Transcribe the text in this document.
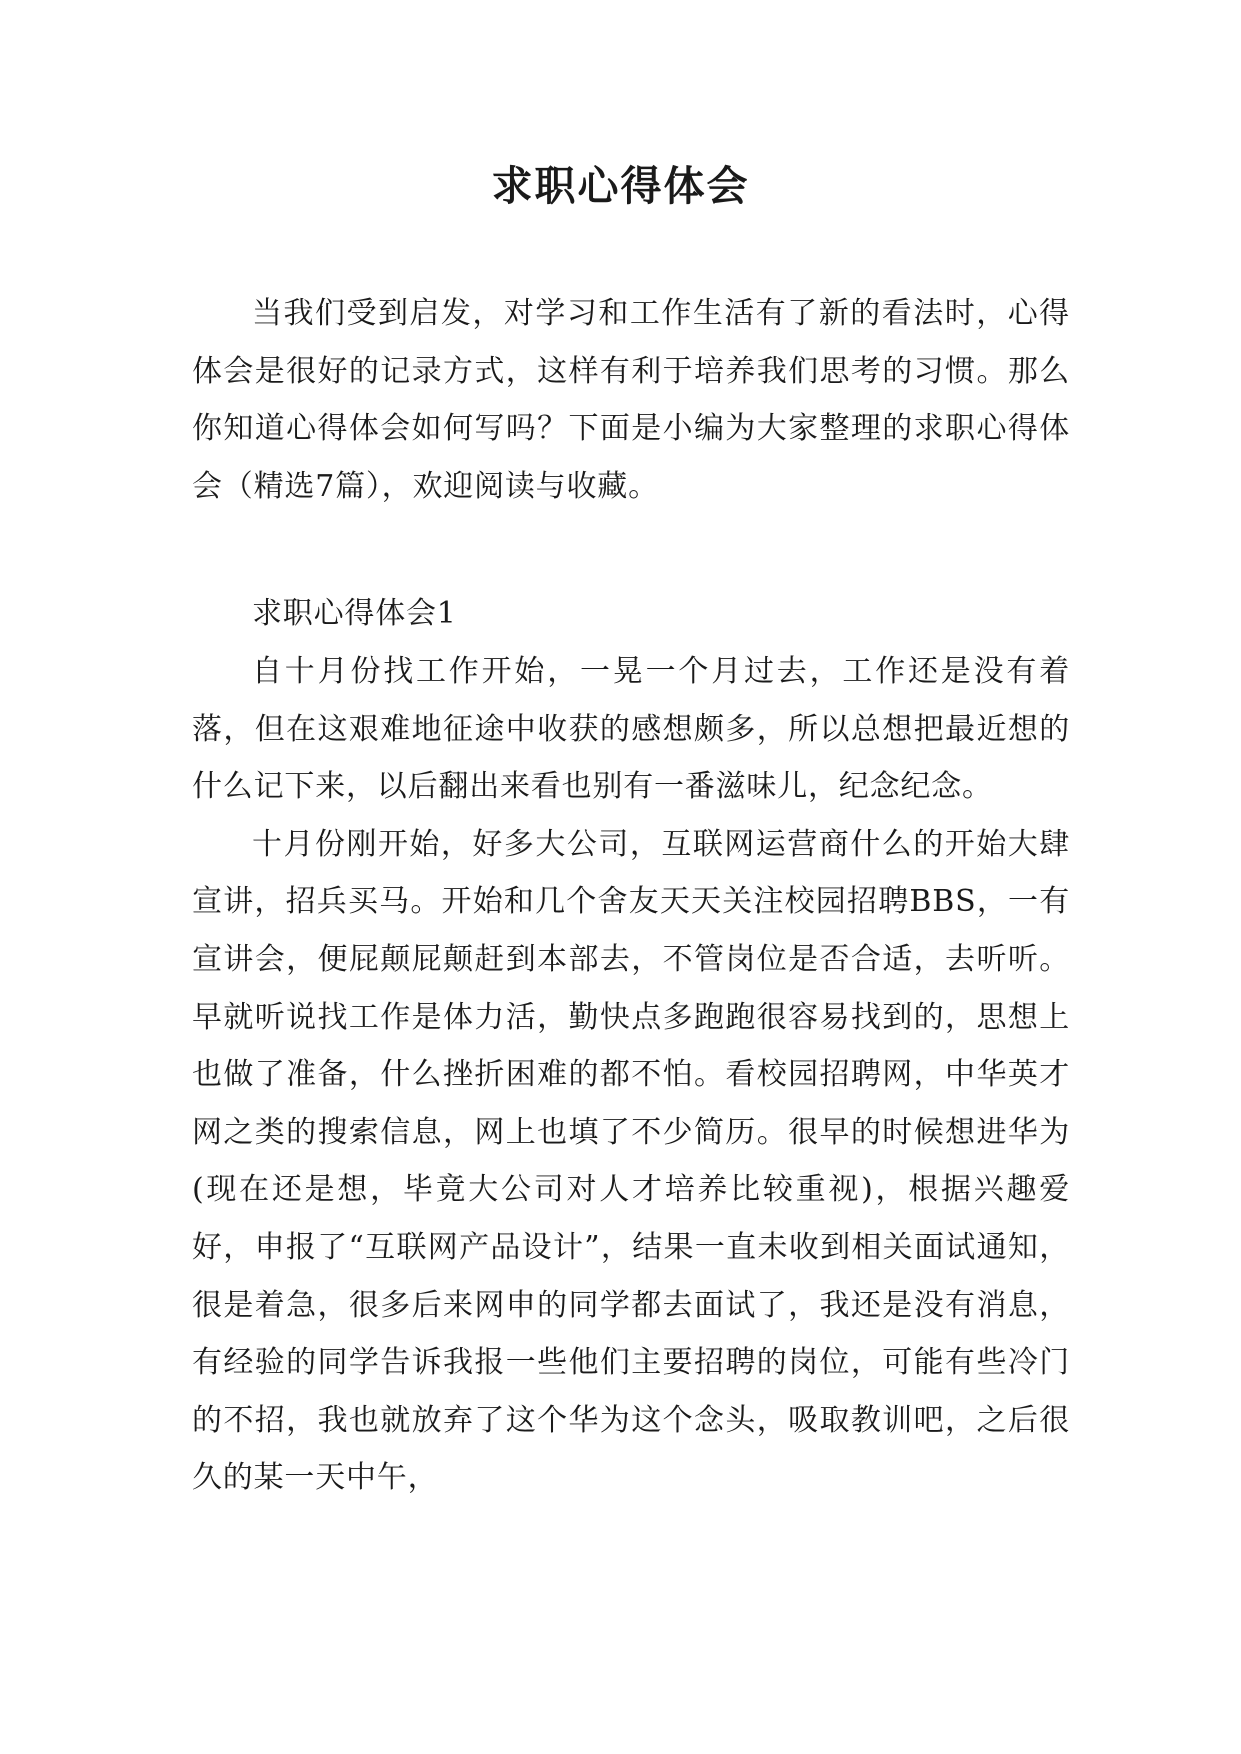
求职心得体会

当我们受到启发，对学习和工作生活有了新的看法时，心得体会是很好的记录方式，这样有利于培养我们思考的习惯。那么你知道心得体会如何写吗？下面是小编为大家整理的求职心得体会（精选7篇），欢迎阅读与收藏。

求职心得体会1

自十月份找工作开始，一晃一个月过去，工作还是没有着落，但在这艰难地征途中收获的感想颇多，所以总想把最近想的什么记下来，以后翻出来看也别有一番滋味儿，纪念纪念。

十月份刚开始，好多大公司，互联网运营商什么的开始大肆宣讲，招兵买马。开始和几个舍友天天关注校园招聘BBS，一有宣讲会，便屁颠屁颠赶到本部去，不管岗位是否合适，去听听。早就听说找工作是体力活，勤快点多跑跑很容易找到的，思想上也做了准备，什么挫折困难的都不怕。看校园招聘网，中华英才网之类的搜索信息，网上也填了不少简历。很早的时候想进华为(现在还是想，毕竟大公司对人才培养比较重视)，根据兴趣爱好，申报了“互联网产品设计”，结果一直未收到相关面试通知，很是着急，很多后来网申的同学都去面试了，我还是没有消息，有经验的同学告诉我报一些他们主要招聘的岗位，可能有些冷门的不招，我也就放弃了这个华为这个念头，吸取教训吧，之后很久的某一天中午，
